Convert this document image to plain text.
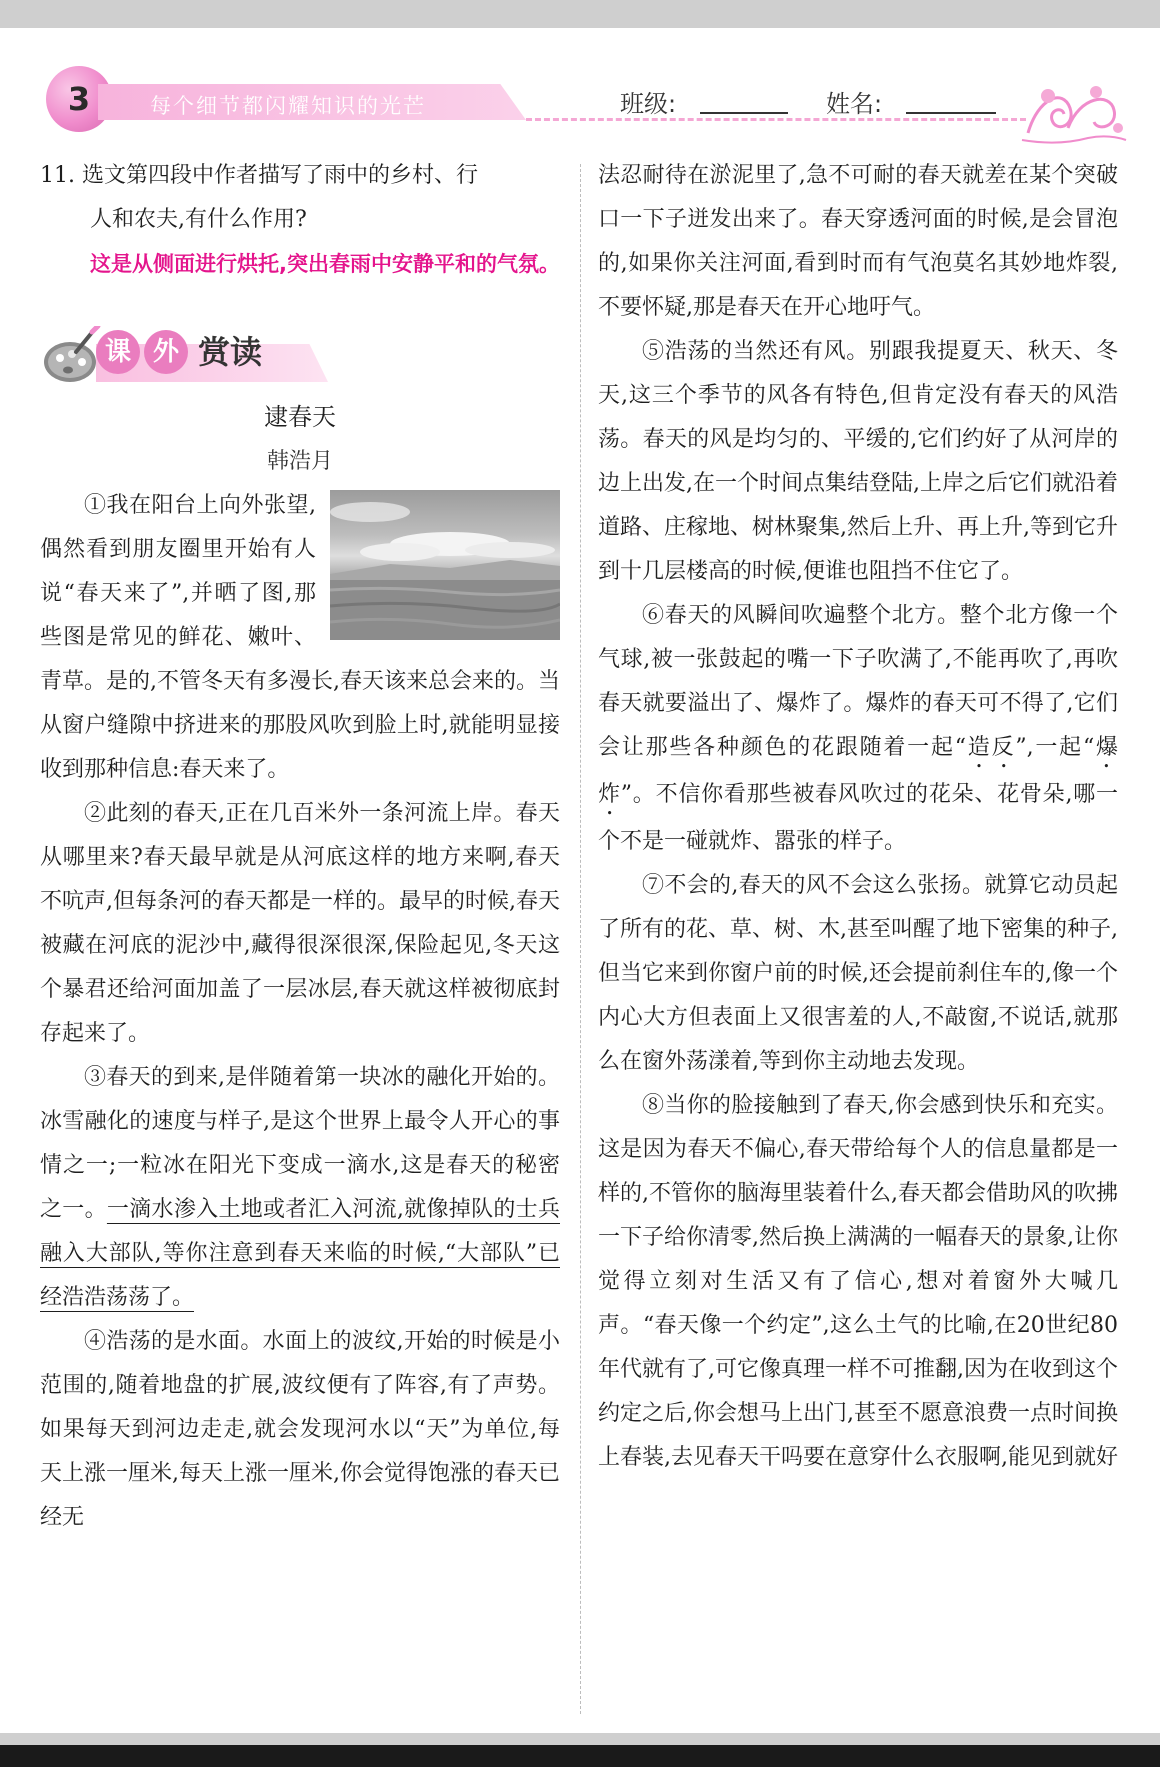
3	每个细节都闪耀知识的光芒	班级:	姓名:

11. 选文第四段中作者描写了雨中的乡村、行

人和农夫,有什么作用?

这是从侧面进行烘托,突出春雨中安静平和的气氛。

课 外 赏读

逮春天

韩浩月

①我在阳台上向外张望,偶然看到朋友圈里开始有人说“春天来了”,并晒了图,那些图是常见的鲜花、嫩叶、青草。是的,不管冬天有多漫长,春天该来总会来的。当从窗户缝隙中挤进来的那股风吹到脸上时,就能明显接收到那种信息:春天来了。

②此刻的春天,正在几百米外一条河流上岸。春天从哪里来?春天最早就是从河底这样的地方来啊,春天不吭声,但每条河的春天都是一样的。最早的时候,春天被藏在河底的泥沙中,藏得很深很深,保险起见,冬天这个暴君还给河面加盖了一层冰层,春天就这样被彻底封存起来了。

③春天的到来,是伴随着第一块冰的融化开始的。冰雪融化的速度与样子,是这个世界上最令人开心的事情之一;一粒冰在阳光下变成一滴水,这是春天的秘密之一。一滴水渗入土地或者汇入河流,就像掉队的士兵融入大部队,等你注意到春天来临的时候,“大部队”已经浩浩荡荡了。

④浩荡的是水面。水面上的波纹,开始的时候是小范围的,随着地盘的扩展,波纹便有了阵容,有了声势。如果每天到河边走走,就会发现河水以“天”为单位,每天上涨一厘米,每天上涨一厘米,你会觉得饱涨的春天已经无

法忍耐待在淤泥里了,急不可耐的春天就差在某个突破口一下子迸发出来了。春天穿透河面的时候,是会冒泡的,如果你关注河面,看到时而有气泡莫名其妙地炸裂,不要怀疑,那是春天在开心地吁气。

⑤浩荡的当然还有风。别跟我提夏天、秋天、冬天,这三个季节的风各有特色,但肯定没有春天的风浩荡。春天的风是均匀的、平缓的,它们约好了从河岸的边上出发,在一个时间点集结登陆,上岸之后它们就沿着道路、庄稼地、树林聚集,然后上升、再上升,等到它升到十几层楼高的时候,便谁也阻挡不住它了。

⑥春天的风瞬间吹遍整个北方。整个北方像一个气球,被一张鼓起的嘴一下子吹满了,不能再吹了,再吹春天就要溢出了、爆炸了。爆炸的春天可不得了,它们会让那些各种颜色的花跟随着一起“造反”,一起“爆炸”。不信你看那些被春风吹过的花朵、花骨朵,哪一个不是一碰就炸、嚣张的样子。

⑦不会的,春天的风不会这么张扬。就算它动员起了所有的花、草、树、木,甚至叫醒了地下密集的种子,但当它来到你窗户前的时候,还会提前刹住车的,像一个内心大方但表面上又很害羞的人,不敲窗,不说话,就那么在窗外荡漾着,等到你主动地去发现。

⑧当你的脸接触到了春天,你会感到快乐和充实。这是因为春天不偏心,春天带给每个人的信息量都是一样的,不管你的脑海里装着什么,春天都会借助风的吹拂一下子给你清零,然后换上满满的一幅春天的景象,让你觉得立刻对生活又有了信心,想对着窗外大喊几声。“春天像一个约定”,这么土气的比喻,在20世纪80年代就有了,可它像真理一样不可推翻,因为在收到这个约定之后,你会想马上出门,甚至不愿意浪费一点时间换上春装,去见春天干吗要在意穿什么衣服啊,能见到就好
